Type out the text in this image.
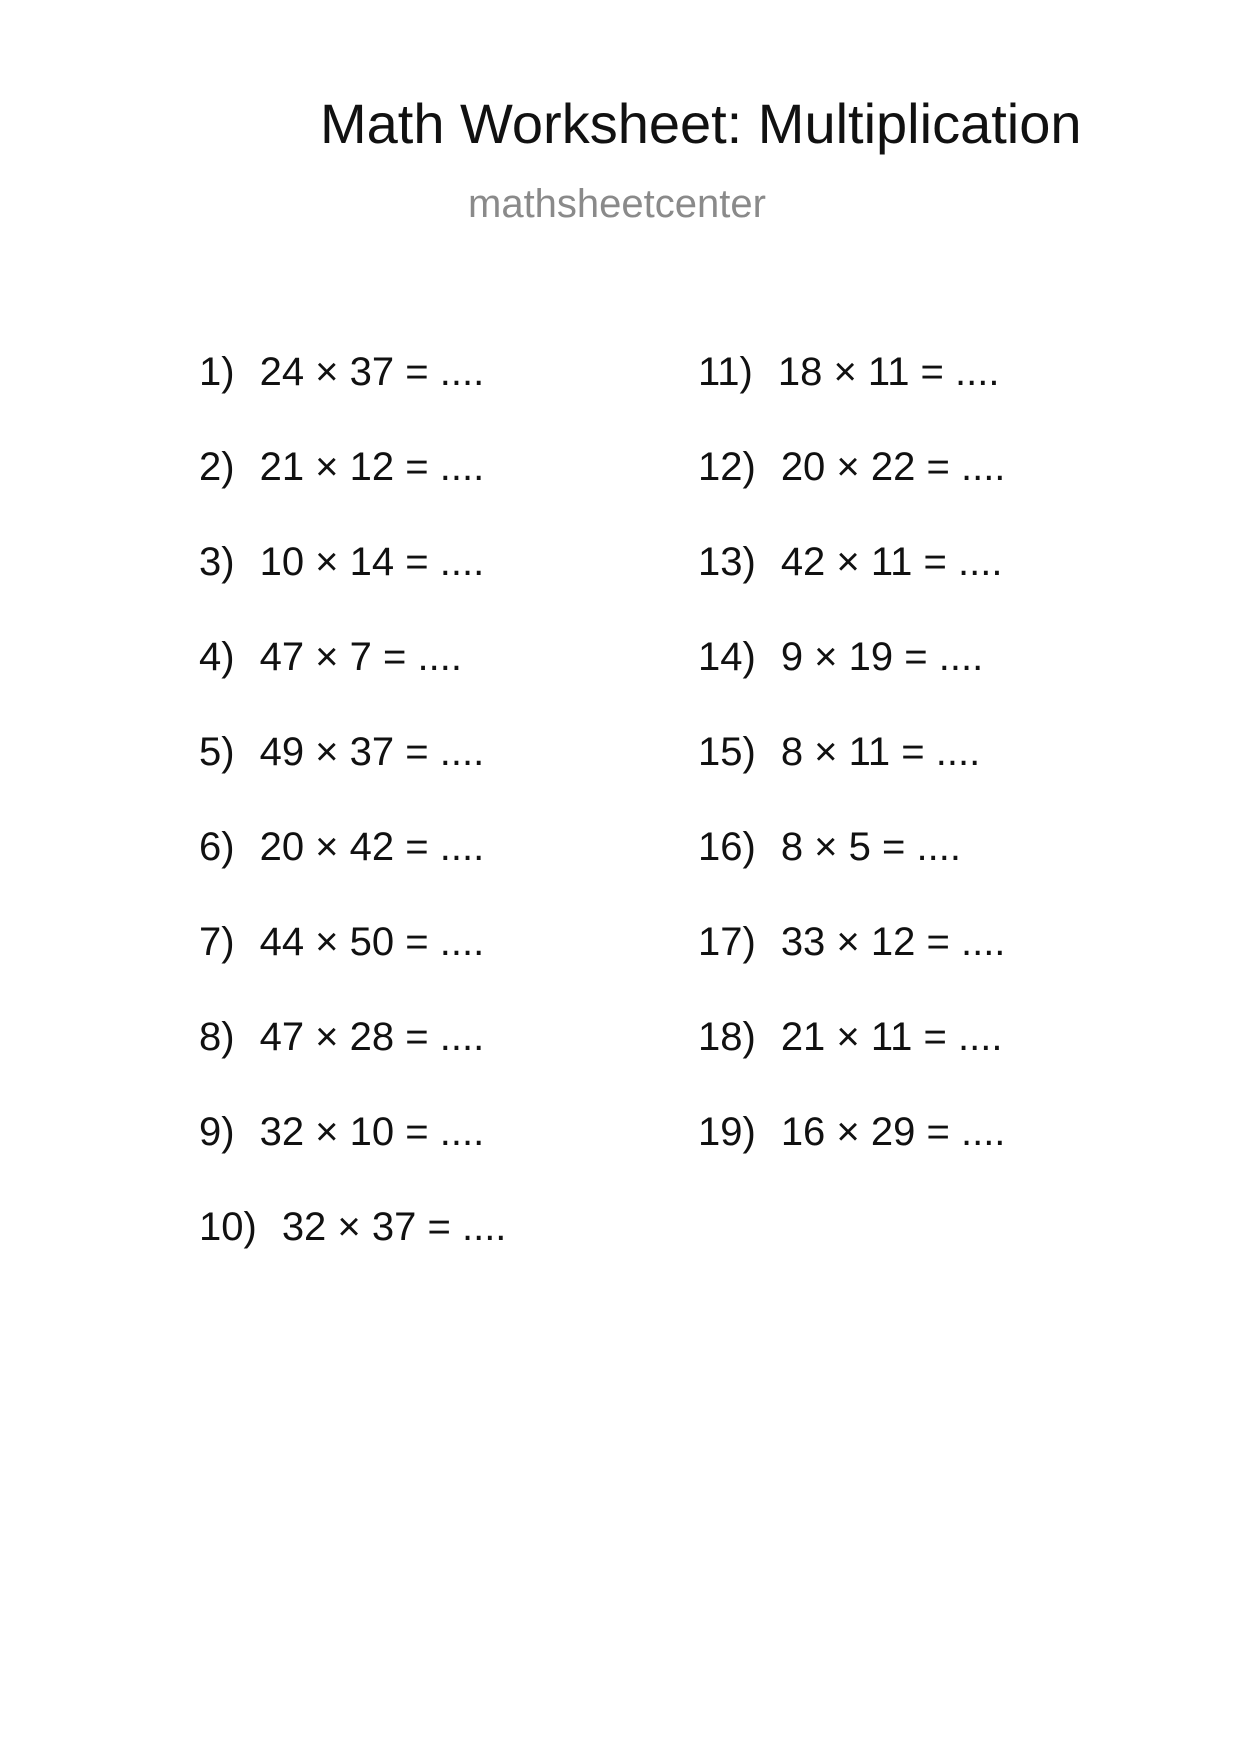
Math Worksheet: Multiplication
mathsheetcenter
1) 24 × 37 = ....
2) 21 × 12 = ....
3) 10 × 14 = ....
4) 47 × 7 = ....
5) 49 × 37 = ....
6) 20 × 42 = ....
7) 44 × 50 = ....
8) 47 × 28 = ....
9) 32 × 10 = ....
10) 32 × 37 = ....
11) 18 × 11 = ....
12) 20 × 22 = ....
13) 42 × 11 = ....
14) 9 × 19 = ....
15) 8 × 11 = ....
16) 8 × 5 = ....
17) 33 × 12 = ....
18) 21 × 11 = ....
19) 16 × 29 = ....
